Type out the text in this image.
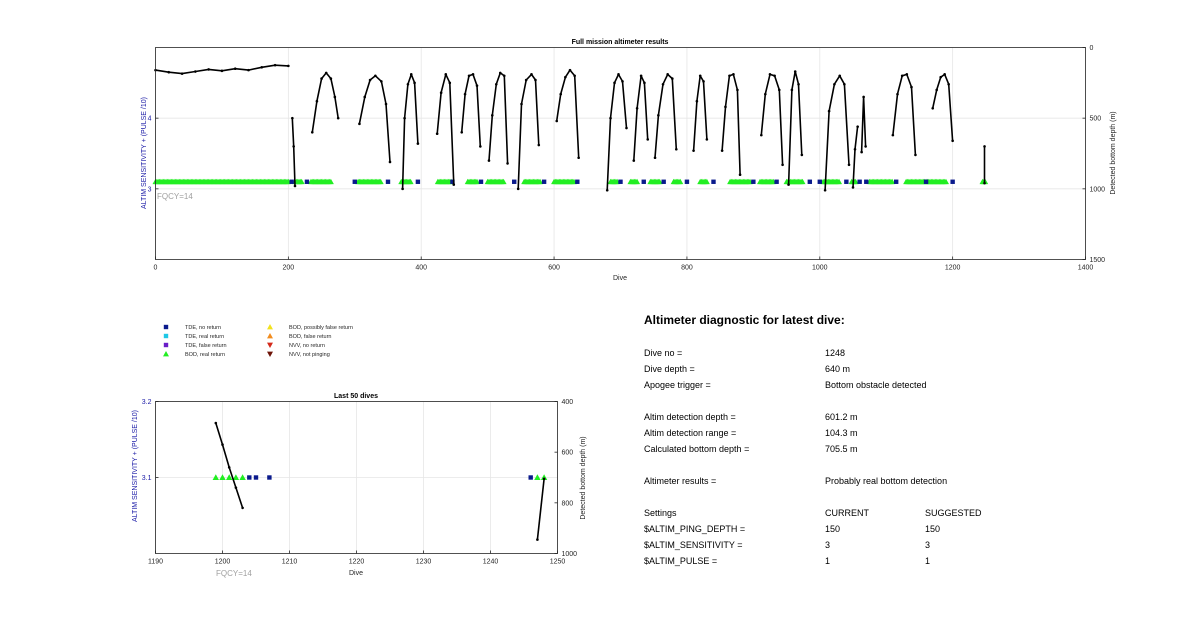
0	200	400	600	800	1000	1200	1400
3
4
0
500
1000
1500
Full mission altimeter results
Dive
ALTIM SENSITIVITY + (PULSE /10)	Detected bottom depth (m)
FQCY=14
TDE, no return
TDE, real return
TDE, false return
BOD, real return
BOD, possibly false return
BOD, false return
NVV, no return
NVV, not pinging
1190	1200	1210	1220	1230	1240	1250
3.1
3.2	400
600
800
1000
Last 50 dives
Dive
ALTIM SENSITIVITY + (PULSE /10)	Detected bottom depth (m)
FQCY=14
Altimeter diagnostic for latest dive:
Dive no =	1248
Dive depth =	640 m
Apogee trigger =	Bottom obstacle detected
Altim detection depth =	601.2 m
Altim detection range =	104.3 m
Calculated bottom depth =	705.5 m
Altimeter results =	Probably real bottom detection
Settings	CURRENT	SUGGESTED
$ALTIM_PING_DEPTH =	150	150
$ALTIM_SENSITIVITY =	3	3
$ALTIM_PULSE =	1	1
